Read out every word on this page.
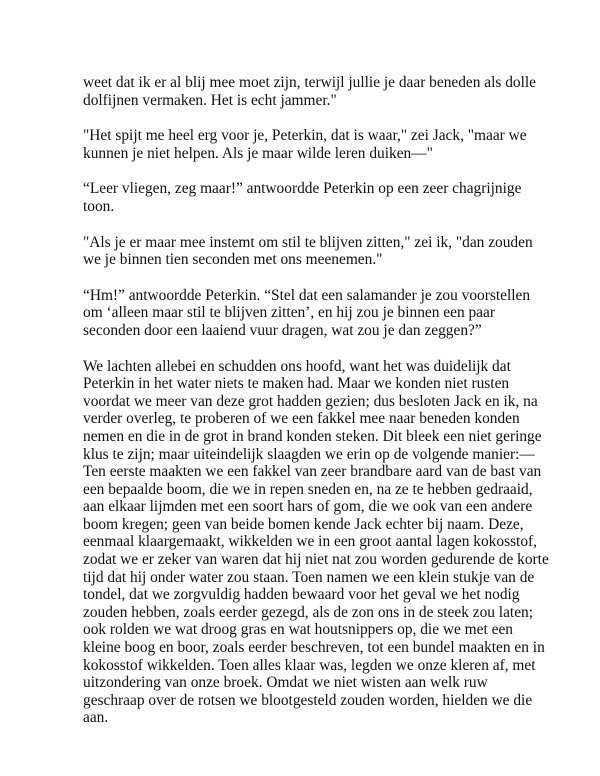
weet dat ik er al blij mee moet zijn, terwijl jullie je daar beneden als dolle
dolfijnen vermaken. Het is echt jammer."

"Het spijt me heel erg voor je, Peterkin, dat is waar," zei Jack, "maar we
kunnen je niet helpen. Als je maar wilde leren duiken—"

“Leer vliegen, zeg maar!” antwoordde Peterkin op een zeer chagrijnige
toon.

"Als je er maar mee instemt om stil te blijven zitten," zei ik, "dan zouden
we je binnen tien seconden met ons meenemen."

“Hm!” antwoordde Peterkin. “Stel dat een salamander je zou voorstellen
om ‘alleen maar stil te blijven zitten’, en hij zou je binnen een paar
seconden door een laaiend vuur dragen, wat zou je dan zeggen?”

We lachten allebei en schudden ons hoofd, want het was duidelijk dat
Peterkin in het water niets te maken had. Maar we konden niet rusten
voordat we meer van deze grot hadden gezien; dus besloten Jack en ik, na
verder overleg, te proberen of we een fakkel mee naar beneden konden
nemen en die in de grot in brand konden steken. Dit bleek een niet geringe
klus te zijn; maar uiteindelijk slaagden we erin op de volgende manier:—
Ten eerste maakten we een fakkel van zeer brandbare aard van de bast van
een bepaalde boom, die we in repen sneden en, na ze te hebben gedraaid,
aan elkaar lijmden met een soort hars of gom, die we ook van een andere
boom kregen; geen van beide bomen kende Jack echter bij naam. Deze,
eenmaal klaargemaakt, wikkelden we in een groot aantal lagen kokosstof,
zodat we er zeker van waren dat hij niet nat zou worden gedurende de korte
tijd dat hij onder water zou staan. Toen namen we een klein stukje van de
tondel, dat we zorgvuldig hadden bewaard voor het geval we het nodig
zouden hebben, zoals eerder gezegd, als de zon ons in de steek zou laten;
ook rolden we wat droog gras en wat houtsnippers op, die we met een
kleine boog en boor, zoals eerder beschreven, tot een bundel maakten en in
kokosstof wikkelden. Toen alles klaar was, legden we onze kleren af, met
uitzondering van onze broek. Omdat we niet wisten aan welk ruw
geschraap over de rotsen we blootgesteld zouden worden, hielden we die
aan.
